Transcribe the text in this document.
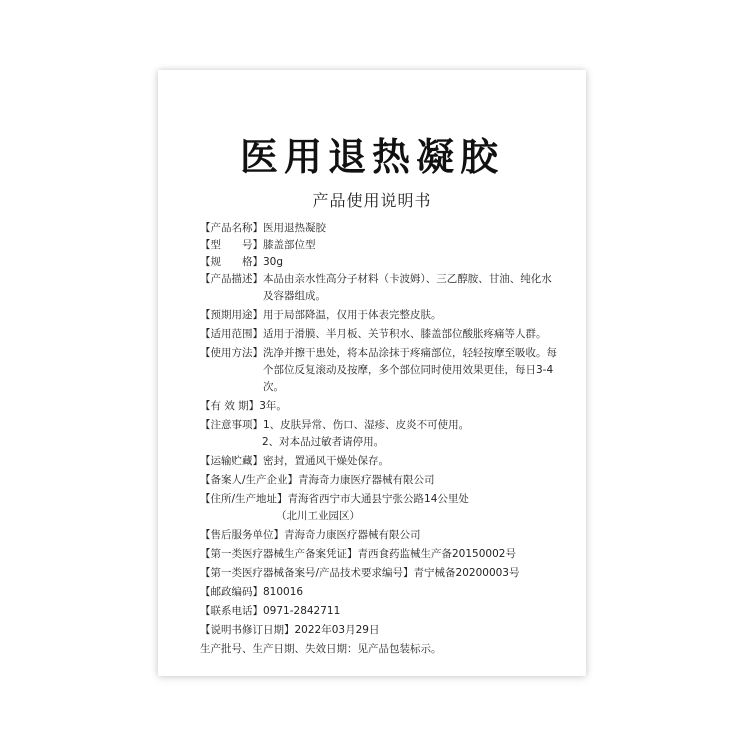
医用退热凝胶
产品使用说明书
【产品名称】 医用退热凝胶
【型　　号】 膝盖部位型
【规　　格】 30g
【产品描述】 本品由亲水性高分子材料（卡波姆）、三乙醇胺、甘油、纯化水及容器组成。
【预期用途】 用于局部降温，仅用于体表完整皮肤。
【适用范围】 适用于滑膜、半月板、关节积水、膝盖部位酸胀疼痛等人群。
【使用方法】 洗净并擦干患处，将本品涂抹于疼痛部位，轻轻按摩至吸收。每个部位反复滚动及按摩，多个部位同时使用效果更佳，每日3-4次。
【有 效 期】 3年。
【注意事项】 1、皮肤异常、伤口、湿疹、皮炎不可使用。
2、对本品过敏者请停用。
【运输贮藏】 密封，置通风干燥处保存。
【备案人/生产企业】 青海奇力康医疗器械有限公司
【住所/生产地址】 青海省西宁市大通县宁张公路14公里处
（北川工业园区）
【售后服务单位】 青海奇力康医疗器械有限公司
【第一类医疗器械生产备案凭证】 青西食药监械生产备20150002号
【第一类医疗器械备案号/产品技术要求编号】 青宁械备20200003号
【邮政编码】 810016
【联系电话】 0971-2842711
【说明书修订日期】 2022年03月29日
生产批号、生产日期、失效日期：见产品包装标示。
